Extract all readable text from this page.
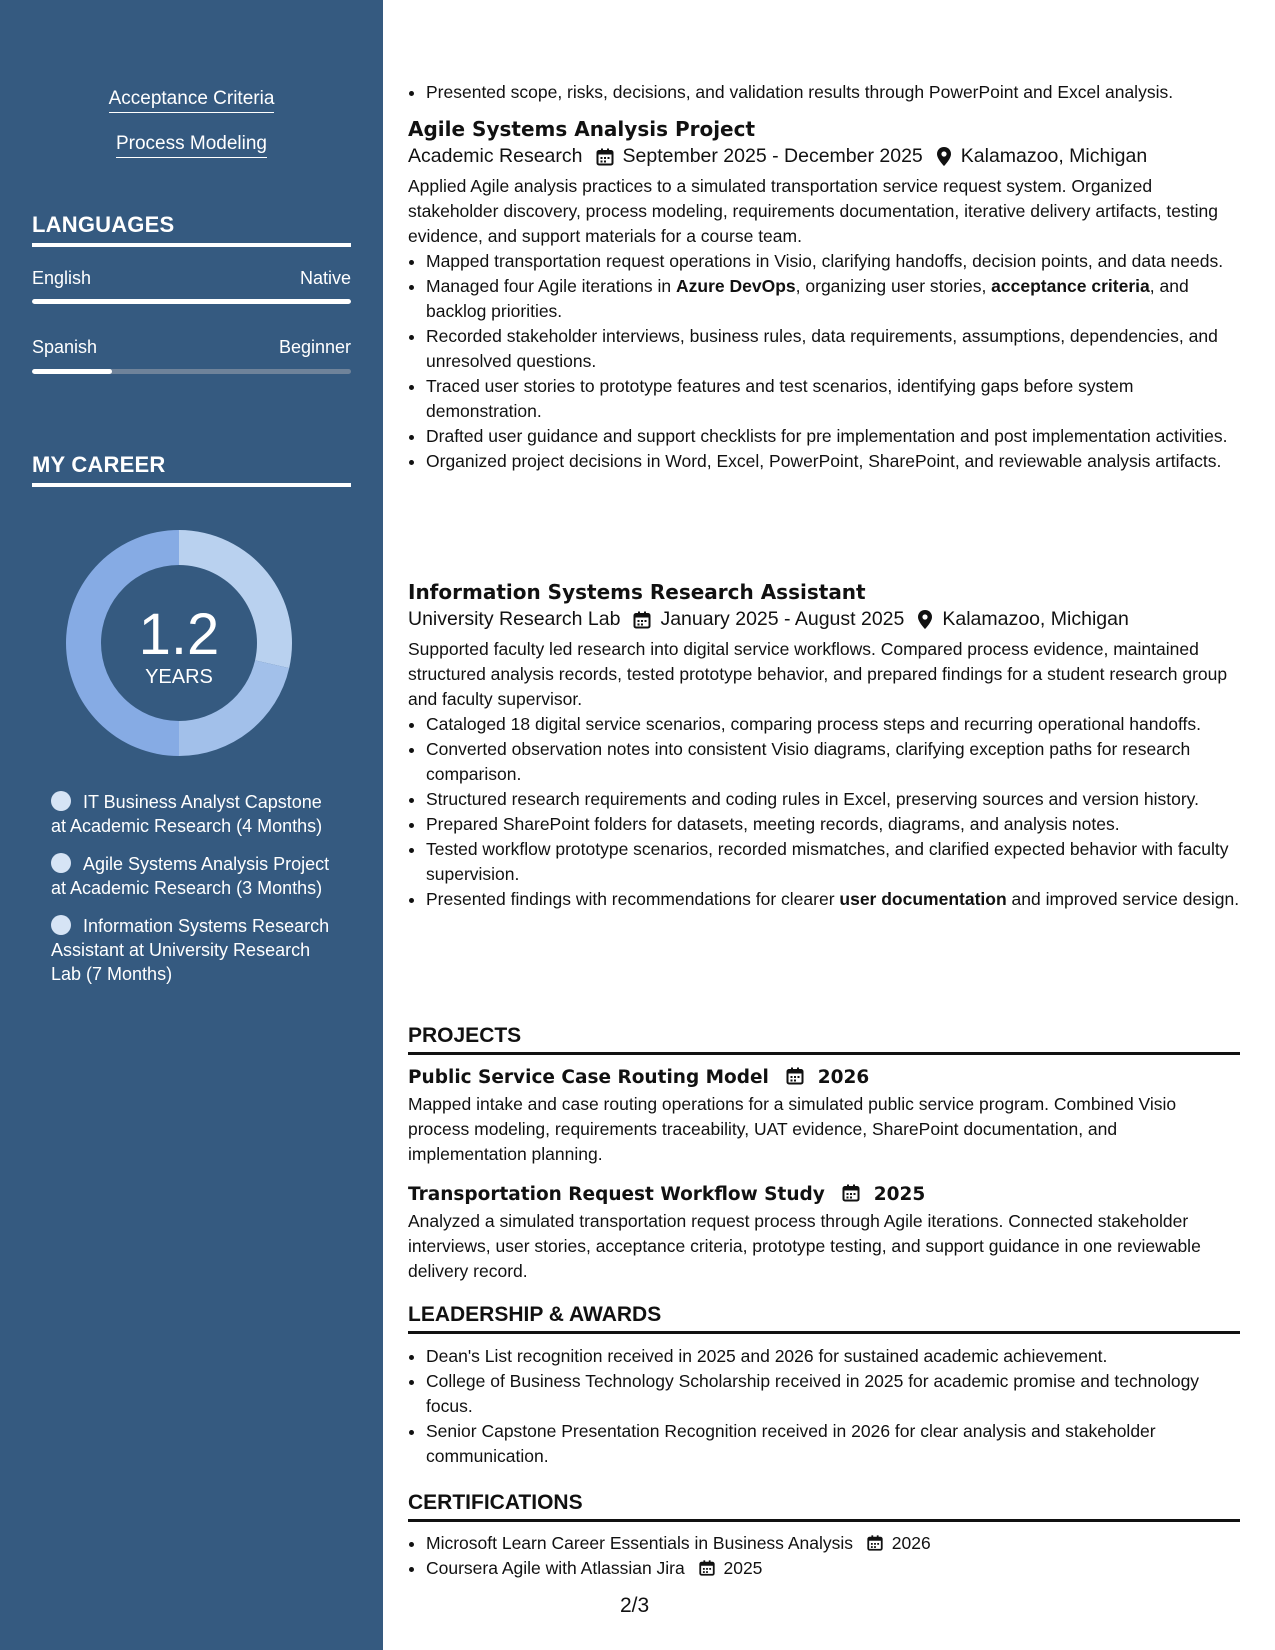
Acceptance Criteria
Process Modeling
LANGUAGES
English	Native
Spanish	Beginner
MY CAREER
1.2
YEARS
IT Business Analyst Capstone at Academic Research (4 Months)
Agile Systems Analysis Project at Academic Research (3 Months)
Information Systems Research Assistant at University Research Lab (7 Months)
• Presented scope, risks, decisions, and validation results through PowerPoint and Excel analysis.
Agile Systems Analysis Project
Academic Research September 2025 - December 2025 Kalamazoo, Michigan
Applied Agile analysis practices to a simulated transportation service request system. Organized stakeholder discovery, process modeling, requirements documentation, iterative delivery artifacts, testing evidence, and support materials for a course team.
• Mapped transportation request operations in Visio, clarifying handoffs, decision points, and data needs.
• Managed four Agile iterations in Azure DevOps, organizing user stories, acceptance criteria, and backlog priorities.
• Recorded stakeholder interviews, business rules, data requirements, assumptions, dependencies, and unresolved questions.
• Traced user stories to prototype features and test scenarios, identifying gaps before system demonstration.
• Drafted user guidance and support checklists for pre implementation and post implementation activities.
• Organized project decisions in Word, Excel, PowerPoint, SharePoint, and reviewable analysis artifacts.
Information Systems Research Assistant
University Research Lab January 2025 - August 2025 Kalamazoo, Michigan
Supported faculty led research into digital service workflows. Compared process evidence, maintained structured analysis records, tested prototype behavior, and prepared findings for a student research group and faculty supervisor.
• Cataloged 18 digital service scenarios, comparing process steps and recurring operational handoffs.
• Converted observation notes into consistent Visio diagrams, clarifying exception paths for research comparison.
• Structured research requirements and coding rules in Excel, preserving sources and version history.
• Prepared SharePoint folders for datasets, meeting records, diagrams, and analysis notes.
• Tested workflow prototype scenarios, recorded mismatches, and clarified expected behavior with faculty supervision.
• Presented findings with recommendations for clearer user documentation and improved service design.
PROJECTS
Public Service Case Routing Model	2026
Mapped intake and case routing operations for a simulated public service program. Combined Visio process modeling, requirements traceability, UAT evidence, SharePoint documentation, and implementation planning.
Transportation Request Workflow Study	2025
Analyzed a simulated transportation request process through Agile iterations. Connected stakeholder interviews, user stories, acceptance criteria, prototype testing, and support guidance in one reviewable delivery record.
LEADERSHIP & AWARDS
• Dean's List recognition received in 2025 and 2026 for sustained academic achievement.
• College of Business Technology Scholarship received in 2025 for academic promise and technology focus.
• Senior Capstone Presentation Recognition received in 2026 for clear analysis and stakeholder communication.
CERTIFICATIONS
• Microsoft Learn Career Essentials in Business Analysis 2026
• Coursera Agile with Atlassian Jira 2025
2/3
